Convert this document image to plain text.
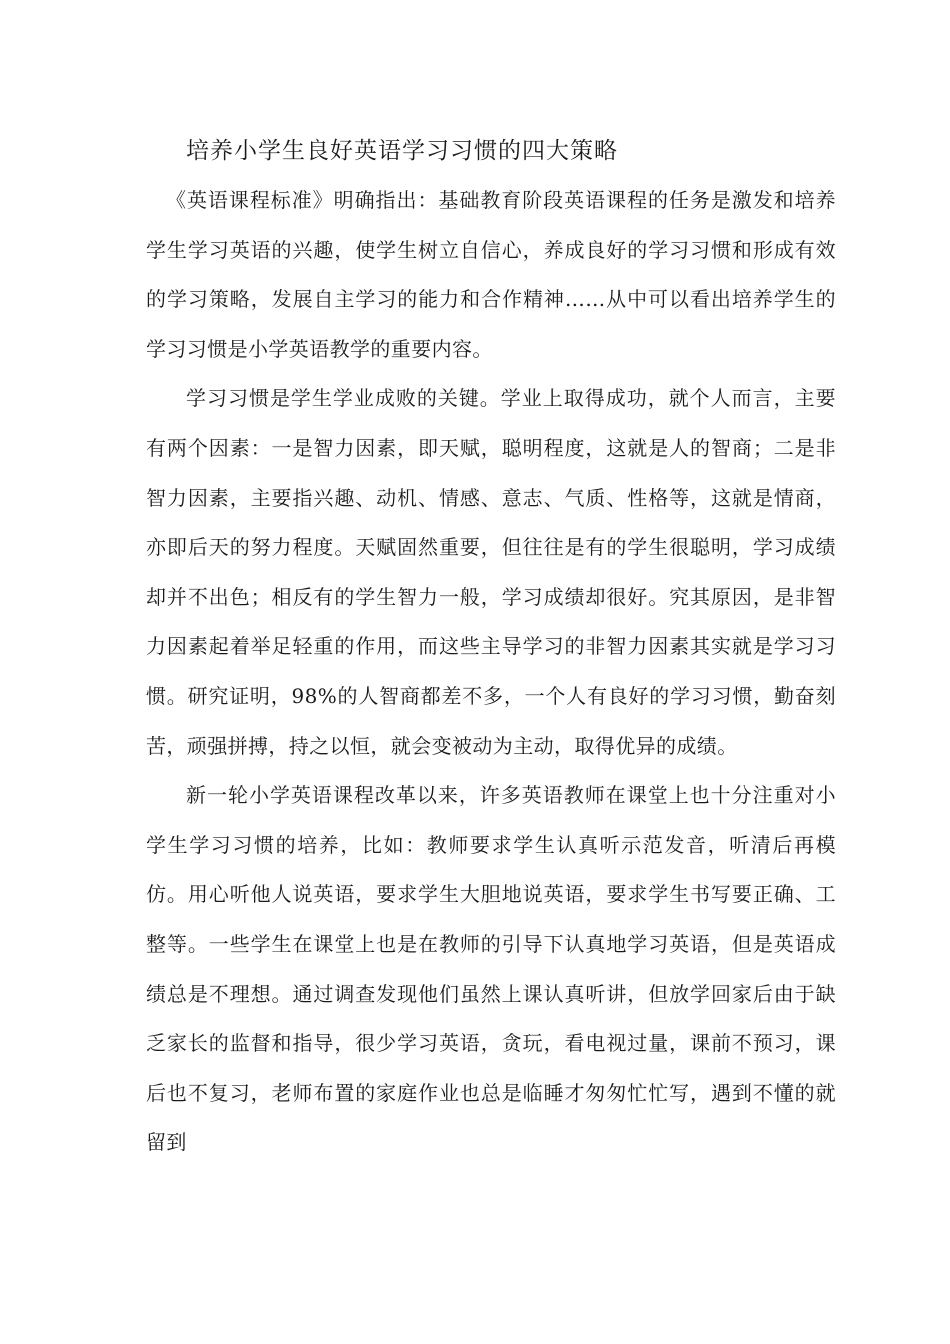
培养小学生良好英语学习习惯的四大策略

《英语课程标准》明确指出：基础教育阶段英语课程的任务是激发和培养学生学习英语的兴趣，使学生树立自信心，养成良好的学习习惯和形成有效的学习策略，发展自主学习的能力和合作精神……从中可以看出培养学生的学习习惯是小学英语教学的重要内容。

学习习惯是学生学业成败的关键。学业上取得成功，就个人而言，主要有两个因素：一是智力因素，即天赋，聪明程度，这就是人的智商；二是非智力因素，主要指兴趣、动机、情感、意志、气质、性格等，这就是情商，亦即后天的努力程度。天赋固然重要，但往往是有的学生很聪明，学习成绩却并不出色；相反有的学生智力一般，学习成绩却很好。究其原因，是非智力因素起着举足轻重的作用，而这些主导学习的非智力因素其实就是学习习惯。研究证明，98%的人智商都差不多，一个人有良好的学习习惯，勤奋刻苦，顽强拼搏，持之以恒，就会变被动为主动，取得优异的成绩。

新一轮小学英语课程改革以来，许多英语教师在课堂上也十分注重对小学生学习习惯的培养，比如：教师要求学生认真听示范发音，听清后再模仿。用心听他人说英语，要求学生大胆地说英语，要求学生书写要正确、工整等。一些学生在课堂上也是在教师的引导下认真地学习英语，但是英语成绩总是不理想。通过调查发现他们虽然上课认真听讲，但放学回家后由于缺乏家长的监督和指导，很少学习英语，贪玩，看电视过量，课前不预习，课后也不复习，老师布置的家庭作业也总是临睡才匆匆忙忙写，遇到不懂的就留到
